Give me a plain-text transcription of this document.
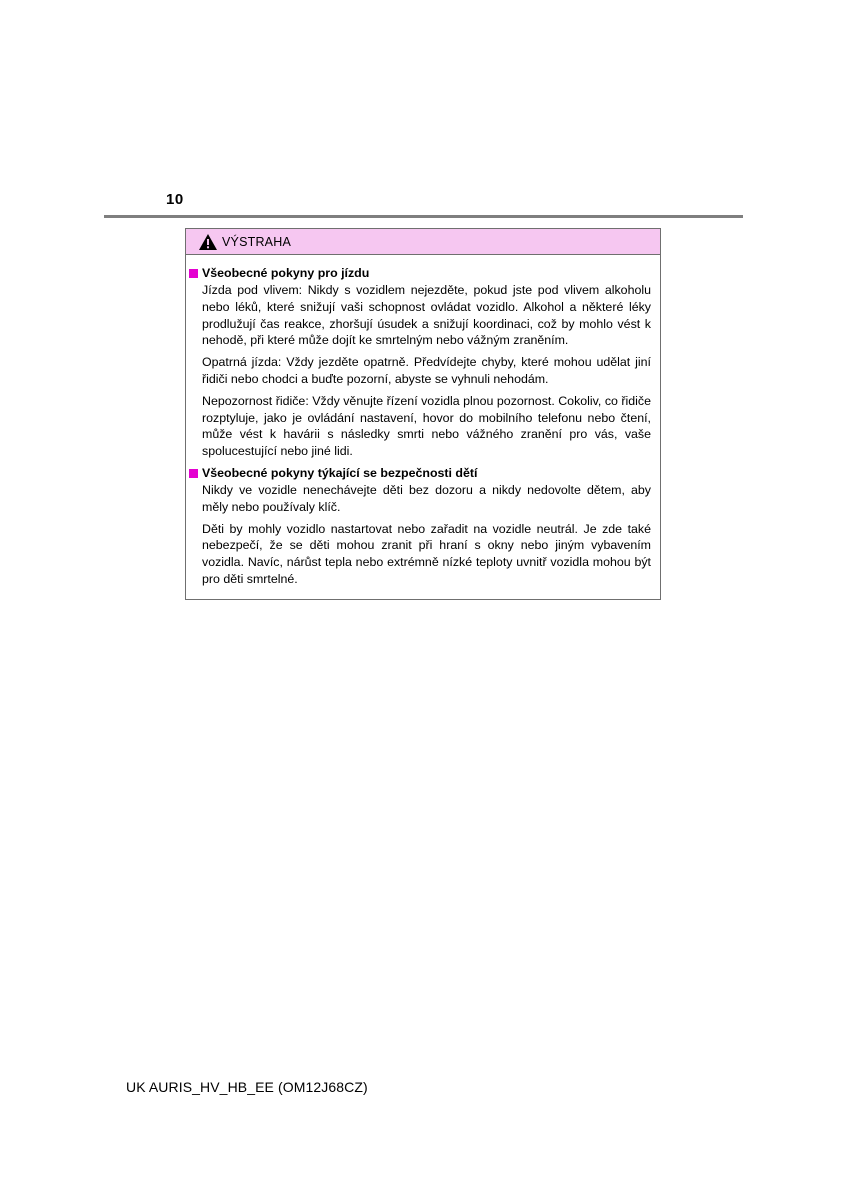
10
VÝSTRAHA
Všeobecné pokyny pro jízdu

Jízda pod vlivem: Nikdy s vozidlem nejezděte, pokud jste pod vlivem alkoholu nebo léků, které snižují vaši schopnost ovládat vozidlo. Alkohol a některé léky prodlužují čas reakce, zhoršují úsudek a snižují koordinaci, což by mohlo vést k nehodě, při které může dojít ke smrtelným nebo vážným zraněním.

Opatrná jízda: Vždy jezděte opatrně. Předvídejte chyby, které mohou udělat jiní řidiči nebo chodci a buďte pozorní, abyste se vyhnuli nehodám.

Nepozornost řidiče: Vždy věnujte řízení vozidla plnou pozornost. Cokoliv, co řidiče rozptyluje, jako je ovládání nastavení, hovor do mobilního telefonu nebo čtení, může vést k havárii s následky smrti nebo vážného zranění pro vás, vaše spolucestující nebo jiné lidi.

Všeobecné pokyny týkající se bezpečnosti dětí

Nikdy ve vozidle nenechávejte děti bez dozoru a nikdy nedovolte dětem, aby měly nebo používaly klíč.

Děti by mohly vozidlo nastartovat nebo zařadit na vozidle neutrál. Je zde také nebezpečí, že se děti mohou zranit při hraní s okny nebo jiným vybavením vozidla. Navíc, nárůst tepla nebo extrémně nízké teploty uvnitř vozidla mohou být pro děti smrtelné.

UK AURIS_HV_HB_EE (OM12J68CZ)
